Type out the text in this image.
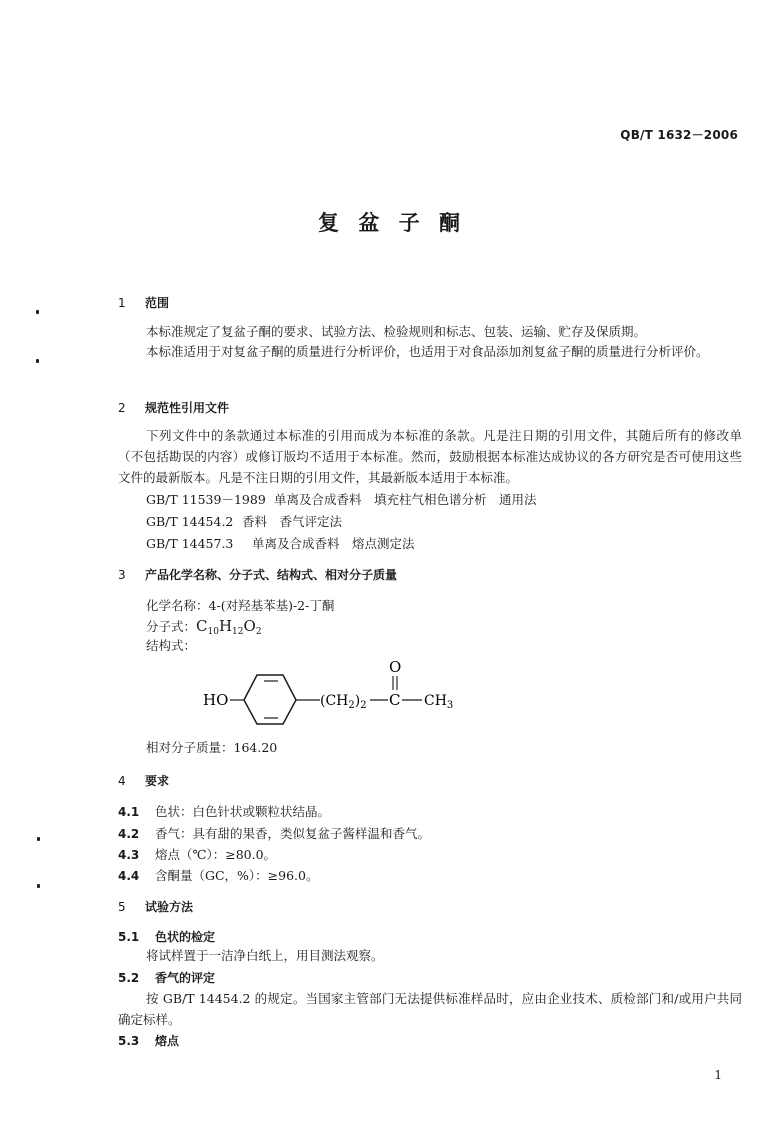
QB/T 1632－2006
复 盆 子 酮
1 范围
本标准规定了复盆子酮的要求、试验方法、检验规则和标志、包装、运输、贮存及保质期。
本标准适用于对复盆子酮的质量进行分析评价，也适用于对食品添加剂复盆子酮的质量进行分析评价。
2 规范性引用文件
下列文件中的条款通过本标准的引用而成为本标准的条款。凡是注日期的引用文件，其随后所有的修改单（不包括勘误的内容）或修订版均不适用于本标准。然而，鼓励根据本标准达成协议的各方研究是否可使用这些文件的最新版本。凡是不注日期的引用文件，其最新版本适用于本标准。
GB/T 11539－1989 单离及合成香料　填充柱气相色谱分析　通用法
GB/T 14454.2 香料　香气评定法
GB/T 14457.3 单离及合成香料　熔点测定法
3 产品化学名称、分子式、结构式、相对分子质量
化学名称：4-(对羟基苯基)-2-丁酮
分子式：$C_{10}H_{12}O_2$
结构式：
HO	$(CH_2)_2$ C
O
$CH_3$
相对分子质量：164.20
4 要求
4.1 色状：白色针状或颗粒状结晶。
4.2 香气：具有甜的果香，类似复盆子酱样温和香气。
4.3 熔点（℃）：≥80.0。
4.4 含酮量（GC，%）：≥96.0。
5 试验方法
5.1 色状的检定
将试样置于一洁净白纸上，用目测法观察。
5.2 香气的评定
按 GB/T 14454.2 的规定。当国家主管部门无法提供标准样品时，应由企业技术、质检部门和/或用户共同确定标样。
5.3 熔点
1
